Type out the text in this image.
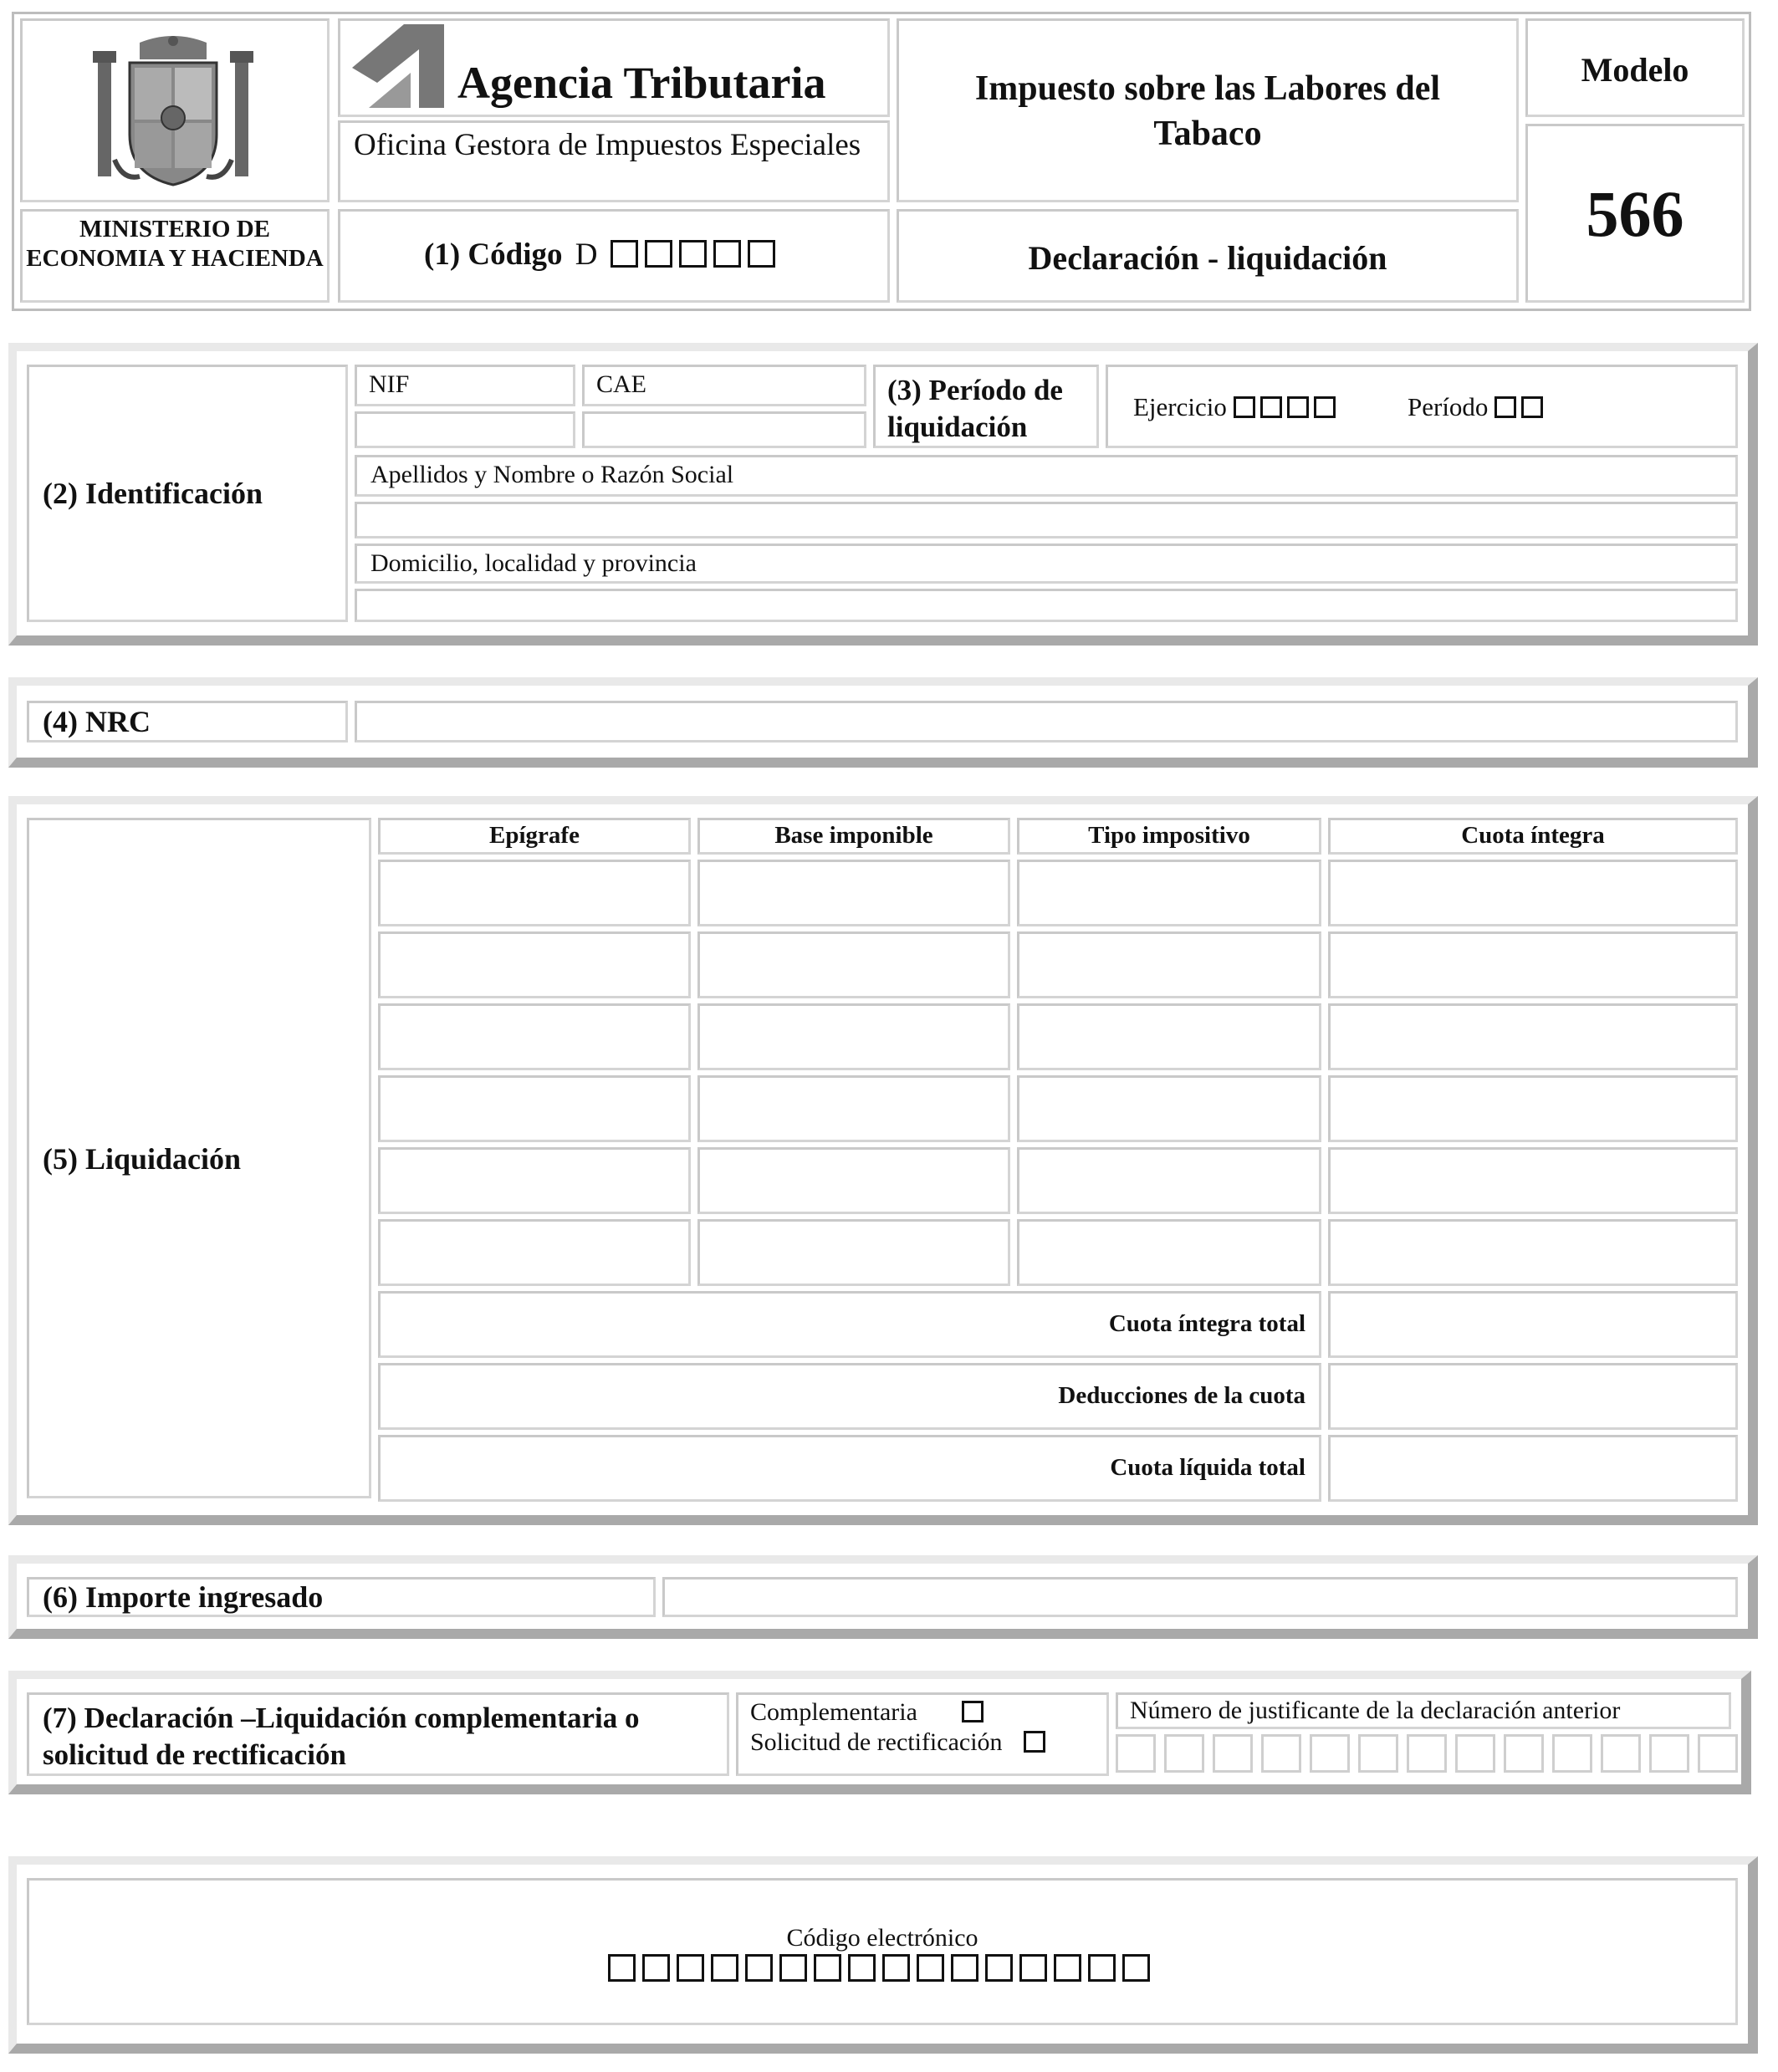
MINISTERIO DE ECONOMIA Y HACIENDA
Agencia Tributaria
Oficina Gestora de Impuestos Especiales
(1) Código D
Impuesto sobre las Labores del Tabaco
Declaración - liquidación
Modelo
566
(2) Identificación
NIF	CAE	(3) Período de liquidación
Ejercicio	Período
Apellidos y Nombre o Razón Social
Domicilio, localidad y provincia
(4) NRC
(5) Liquidación
Epígrafe	Base imponible	Tipo impositivo	Cuota íntegra
Cuota íntegra total
Deducciones de la cuota
Cuota líquida total
(6) Importe ingresado
(7) Declaración –Liquidación complementaria o solicitud de rectificación
Complementaria
Solicitud de rectificación
Número de justificante de la declaración anterior
Código electrónico
